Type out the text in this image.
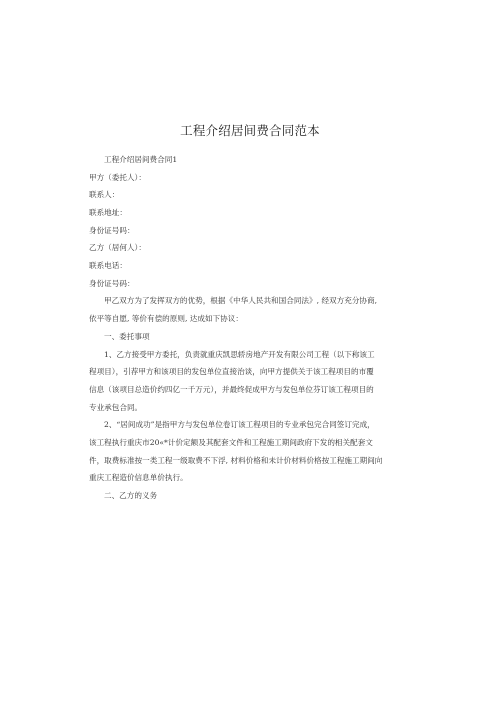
工程介绍居间费合同范本
工程介绍居间费合同1
甲方（委托人）：
联系人：
联系地址：
身份证号吗：
乙方（居何人）：
联系电话：
身份证号码：
甲乙双方为了发挥双方的优势，根据《中华人民共和国合同法》, 经双方充分协商,
依平等自愿, 等价有偿的原则, 达成如下协议：
一、委托事项
1、乙方接受甲方委托，负责就重庆凯思轿房地产开发有限公司工程（以下称该工
程项目），引荐甲方和该项目的发包单位直接治谈，向甲方提供关于该工程项目的市覆
信息（该项目总造价约四亿一千万元），并最终促成甲方与发包单位芬订该工程项目的
专业承包合同。
2、“居间成功”是指甲方与发包单位卷订该工程项目的专业承包完合同签订完成，
该工程执行重庆市20«*计价定额及其配套文件和工程施工期间政府下发的相关配套文
件，取费标准按一类工程一级取费不下浮, 材料价格和未计价材料价格按工程施工期间向
重庆工程造价信息单价执行。
二、乙方的义务
